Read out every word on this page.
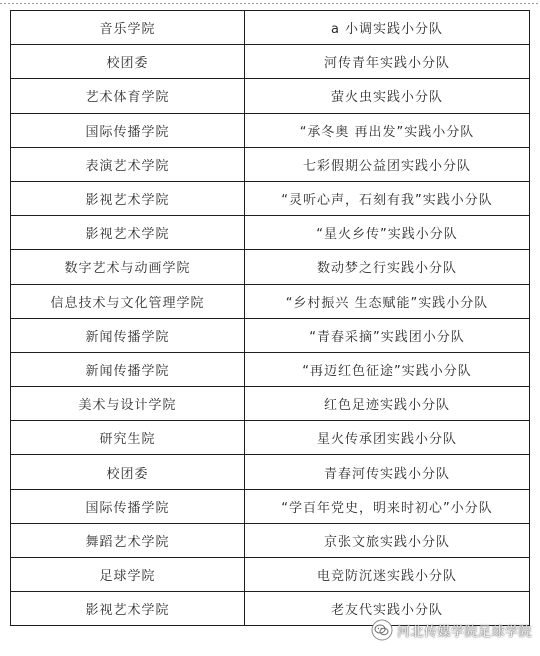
音乐学院	a 小调实践小分队
校团委	河传青年实践小分队
艺术体育学院	萤火虫实践小分队
国际传播学院	“承冬奥 再出发”实践小分队
表演艺术学院	七彩假期公益团实践小分队
影视艺术学院	“灵听心声，石刻有我”实践小分队
影视艺术学院	“星火乡传”实践小分队
数字艺术与动画学院	数动梦之行实践小分队
信息技术与文化管理学院	“乡村振兴 生态赋能”实践小分队
新闻传播学院	“青春采摘”实践团小分队
新闻传播学院	“再迈红色征途”实践小分队
美术与设计学院	红色足迹实践小分队
研究生院	星火传承团实践小分队
校团委	青春河传实践小分队
国际传播学院	“学百年党史，明来时初心”小分队
舞蹈艺术学院	京张文旅实践小分队
足球学院	电竞防沉迷实践小分队
影视艺术学院	老友代实践小分队
河北传媒学院足球学院
